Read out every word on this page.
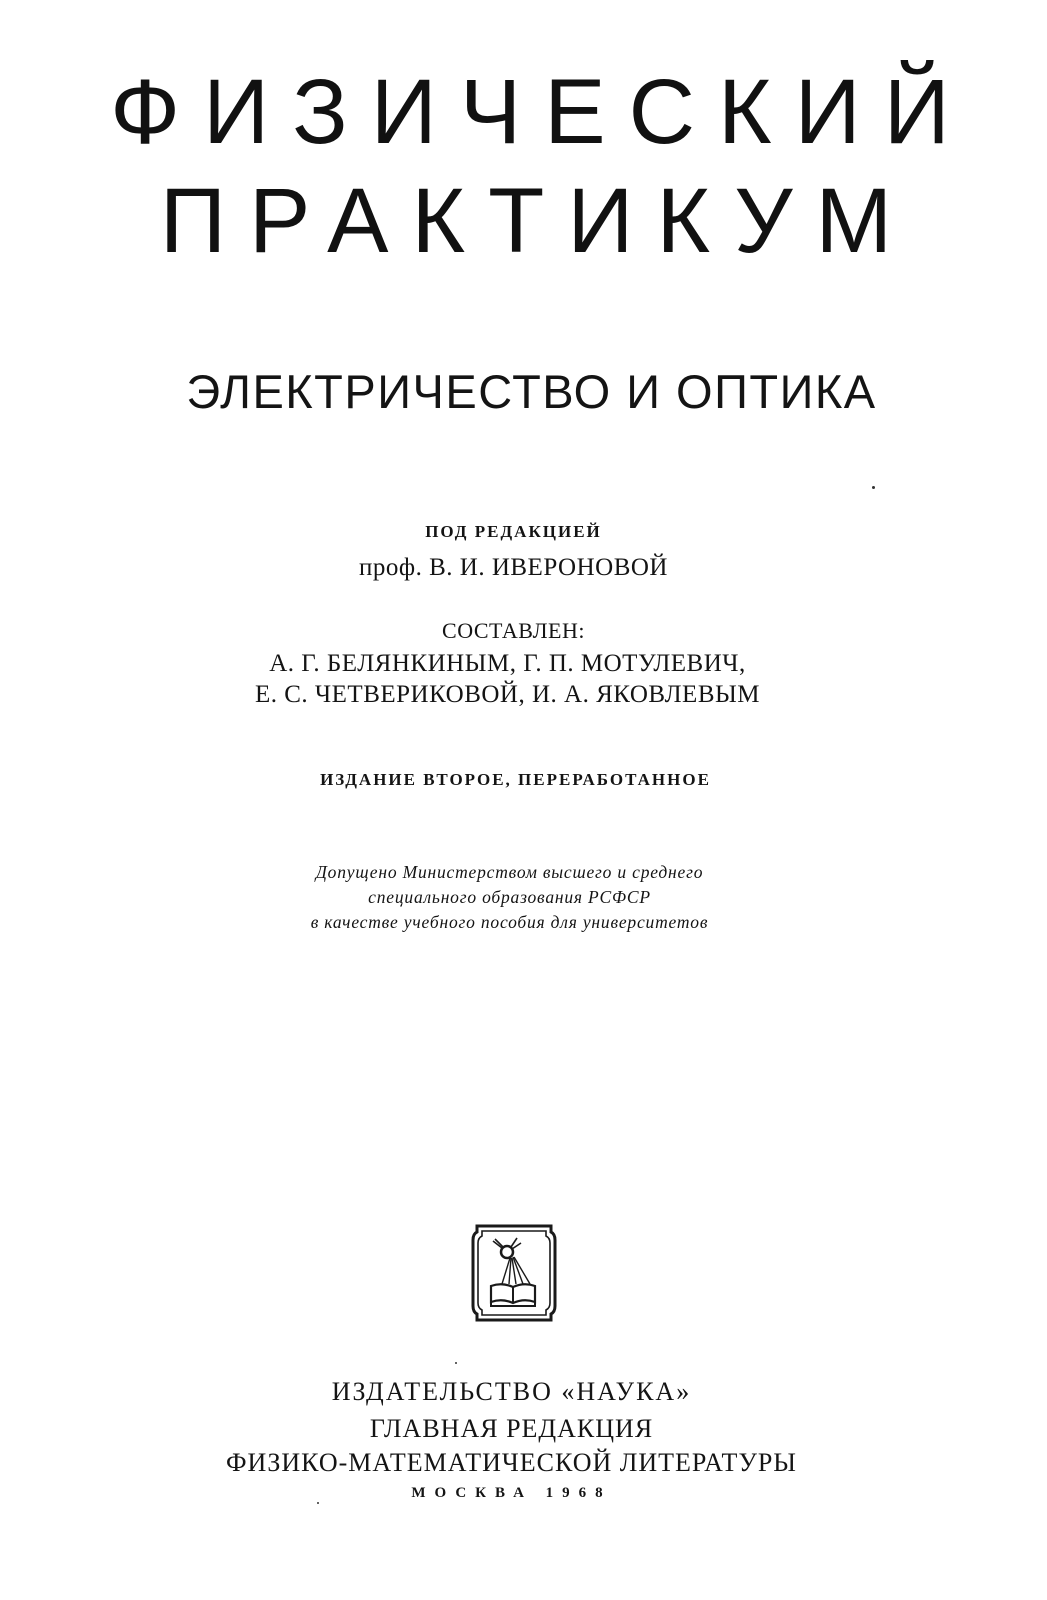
ФИЗИЧЕСКИЙ
ПРАКТИКУМ
ЭЛЕКТРИЧЕСТВО И ОПТИКА
ПОД РЕДАКЦИЕЙ
проф. В. И. ИВЕРОНОВОЙ
СОСТАВЛЕН:
А. Г. БЕЛЯНКИНЫМ, Г. П. МОТУЛЕВИЧ,
Е. С. ЧЕТВЕРИКОВОЙ, И. А. ЯКОВЛЕВЫМ
ИЗДАНИЕ ВТОРОЕ, ПЕРЕРАБОТАННОЕ
Допущено Министерством высшего и среднего
специального образования РСФСР
в качестве учебного пособия для университетов
ИЗДАТЕЛЬСТВО «НАУКА»
ГЛАВНАЯ РЕДАКЦИЯ
ФИЗИКО-МАТЕМАТИЧЕСКОЙ ЛИТЕРАТУРЫ
МОСКВА 1968
